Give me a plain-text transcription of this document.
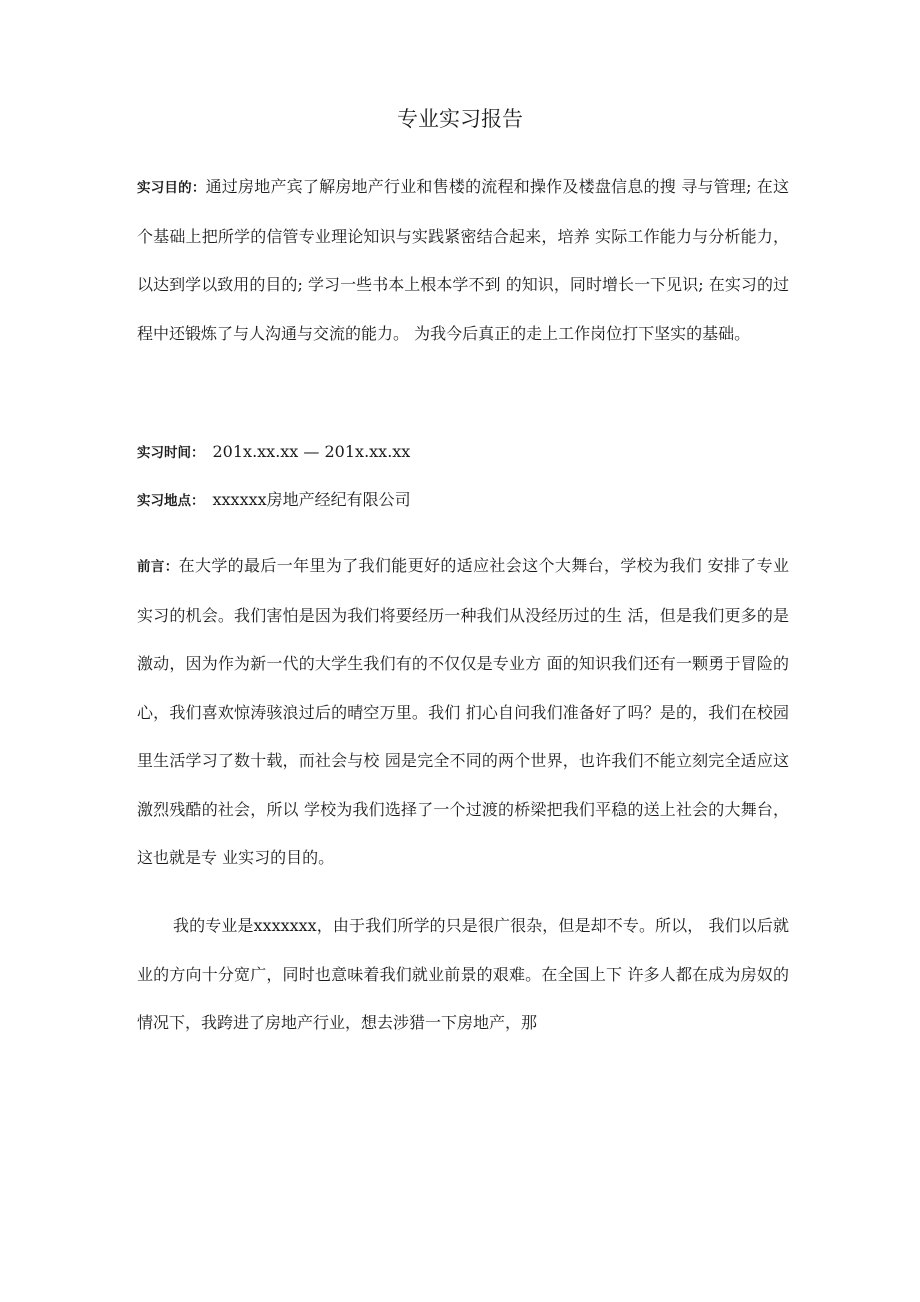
专业实习报告
实习目的：通过房地产宾了解房地产行业和售楼的流程和操作及楼盘信息的搜 寻与管理; 在这个基础上把所学的信管专业理论知识与实践紧密结合起来，培养 实际工作能力与分析能力，以达到学以致用的目的; 学习一些书本上根本学不到 的知识，同时增长一下见识; 在实习的过程中还锻炼了与人沟通与交流的能力。 为我今后真正的走上工作岗位打下坚实的基础。
实习时间： 201x.xx.xx — 201x.xx.xx
实习地点： xxxxxx房地产经纪有限公司
前言：在大学的最后一年里为了我们能更好的适应社会这个大舞台，学校为我们 安排了专业实习的机会。我们害怕是因为我们将要经历一种我们从没经历过的生 活，但是我们更多的是激动，因为作为新一代的大学生我们有的不仅仅是专业方 面的知识我们还有一颗勇于冒险的心，我们喜欢惊涛骇浪过后的晴空万里。我们 扪心自问我们准备好了吗？是的，我们在校园里生活学习了数十载，而社会与校 园是完全不同的两个世界，也许我们不能立刻完全适应这激烈残酷的社会，所以 学校为我们选择了一个过渡的桥梁把我们平稳的送上社会的大舞台，这也就是专 业实习的目的。
我的专业是xxxxxxx，由于我们所学的只是很广很杂，但是却不专。所以， 我们以后就业的方向十分宽广，同时也意味着我们就业前景的艰难。在全国上下 许多人都在成为房奴的情况下，我跨进了房地产行业，想去涉猎一下房地产，那
